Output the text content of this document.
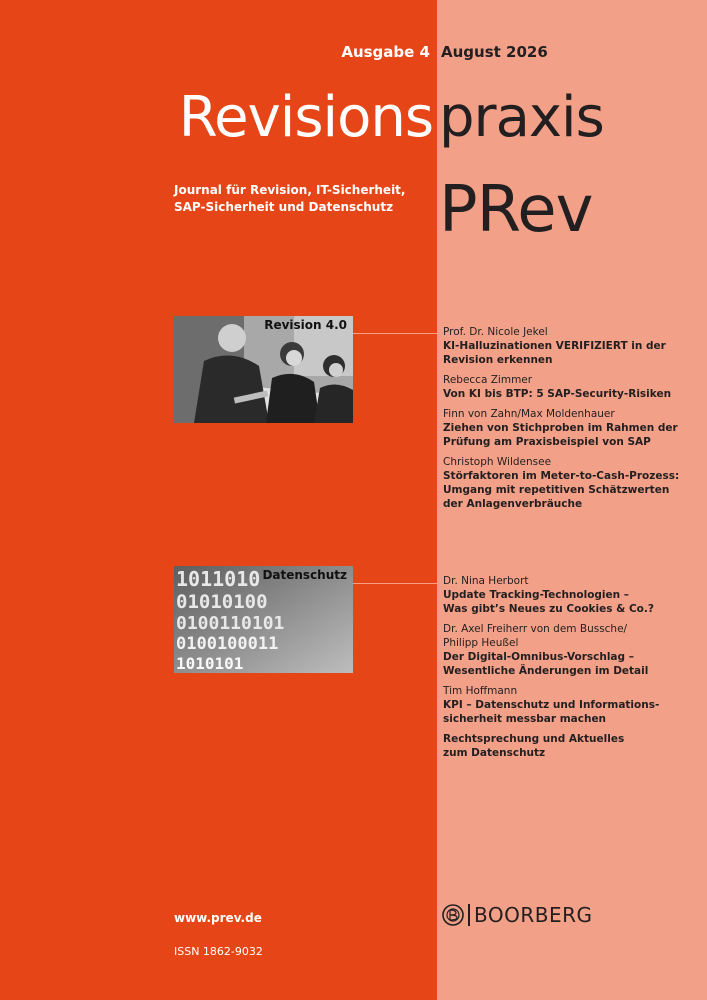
Ausgabe 4 August 2026
Revisions praxis
PRev
Journal für Revision, IT-Sicherheit,
SAP-Sicherheit und Datenschutz
Revision 4.0
1011010
01010100
0100110101
0100100011
1010101
Datenschutz
Prof. Dr. Nicole Jekel
KI-Halluzinationen VERIFIZIERT in der
Revision erkennen
Rebecca Zimmer
Von KI bis BTP: 5 SAP-Security-Risiken
Finn von Zahn/Max Moldenhauer
Ziehen von Stichproben im Rahmen der
Prüfung am Praxisbeispiel von SAP
Christoph Wildensee
Störfaktoren im Meter-to-Cash-Prozess:
Umgang mit repetitiven Schätzwerten
der Anlagenverbräuche
Dr. Nina Herbort
Update Tracking-Technologien –
Was gibt’s Neues zu Cookies & Co.?
Dr. Axel Freiherr von dem Bussche/
Philipp Heußel
Der Digital-Omnibus-Vorschlag –
Wesentliche Änderungen im Detail
Tim Hoffmann
KPI – Datenschutz und Informations-
sicherheit messbar machen
Rechtsprechung und Aktuelles
zum Datenschutz
www.prev.de
ISSN 1862-9032
BOORBERG
